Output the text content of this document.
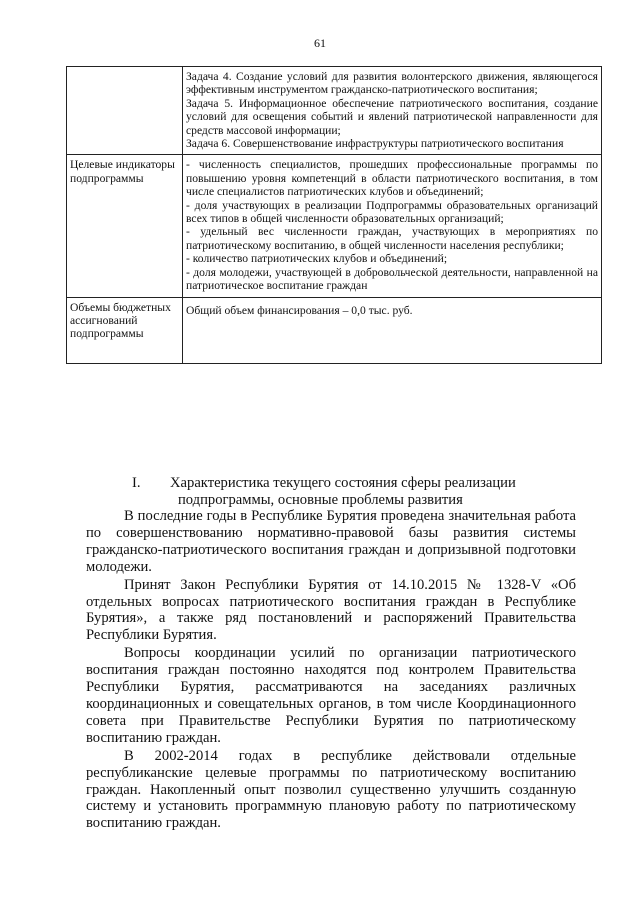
61

	Задача 4. Создание условий для развития волонтерского движения, являющегося эффективным инструментом гражданско-патриотического воспитания;

Задача 5. Информационное обеспечение патриотического воспитания, создание условий для освещения событий и явлений патриотической направленности для средств массовой информации;

Задача 6. Совершенствование инфраструктуры патриотического воспитания

Целевые индикаторы подпрограммы	- численность специалистов, прошедших профессиональные программы по повышению уровня компетенций в области патриотического воспитания, в том числе специалистов патриотических клубов и объединений;

- доля участвующих в реализации Подпрограммы образовательных организаций всех типов в общей численности образовательных организаций;

- удельный вес численности граждан, участвующих в мероприятиях по патриотическому воспитанию, в общей численности населения республики;

- количество патриотических клубов и объединений;

- доля молодежи, участвующей в добровольческой деятельности, направленной на патриотическое воспитание граждан

Объемы бюджетных ассигнований подпрограммы	Общий объем финансирования – 0,0 тыс. руб.

I. Характеристика текущего состояния сферы реализации
подпрограммы, основные проблемы развития

В последние годы в Республике Бурятия проведена значительная работа по совершенствованию нормативно-правовой базы развития системы гражданско-патриотического воспитания граждан и допризывной подготовки молодежи.

Принят Закон Республики Бурятия от 14.10.2015 № 1328-V «Об отдельных вопросах патриотического воспитания граждан в Республике Бурятия», а также ряд постановлений и распоряжений Правительства Республики Бурятия.

Вопросы координации усилий по организации патриотического воспитания граждан постоянно находятся под контролем Правительства Республики Бурятия, рассматриваются на заседаниях различных координационных и совещательных органов, в том числе Координационного совета при Правительстве Республики Бурятия по патриотическому воспитанию граждан.

В 2002-2014 годах в республике действовали отдельные республиканские целевые программы по патриотическому воспитанию граждан. Накопленный опыт позволил существенно улучшить созданную систему и установить программную плановую работу по патриотическому воспитанию граждан.
